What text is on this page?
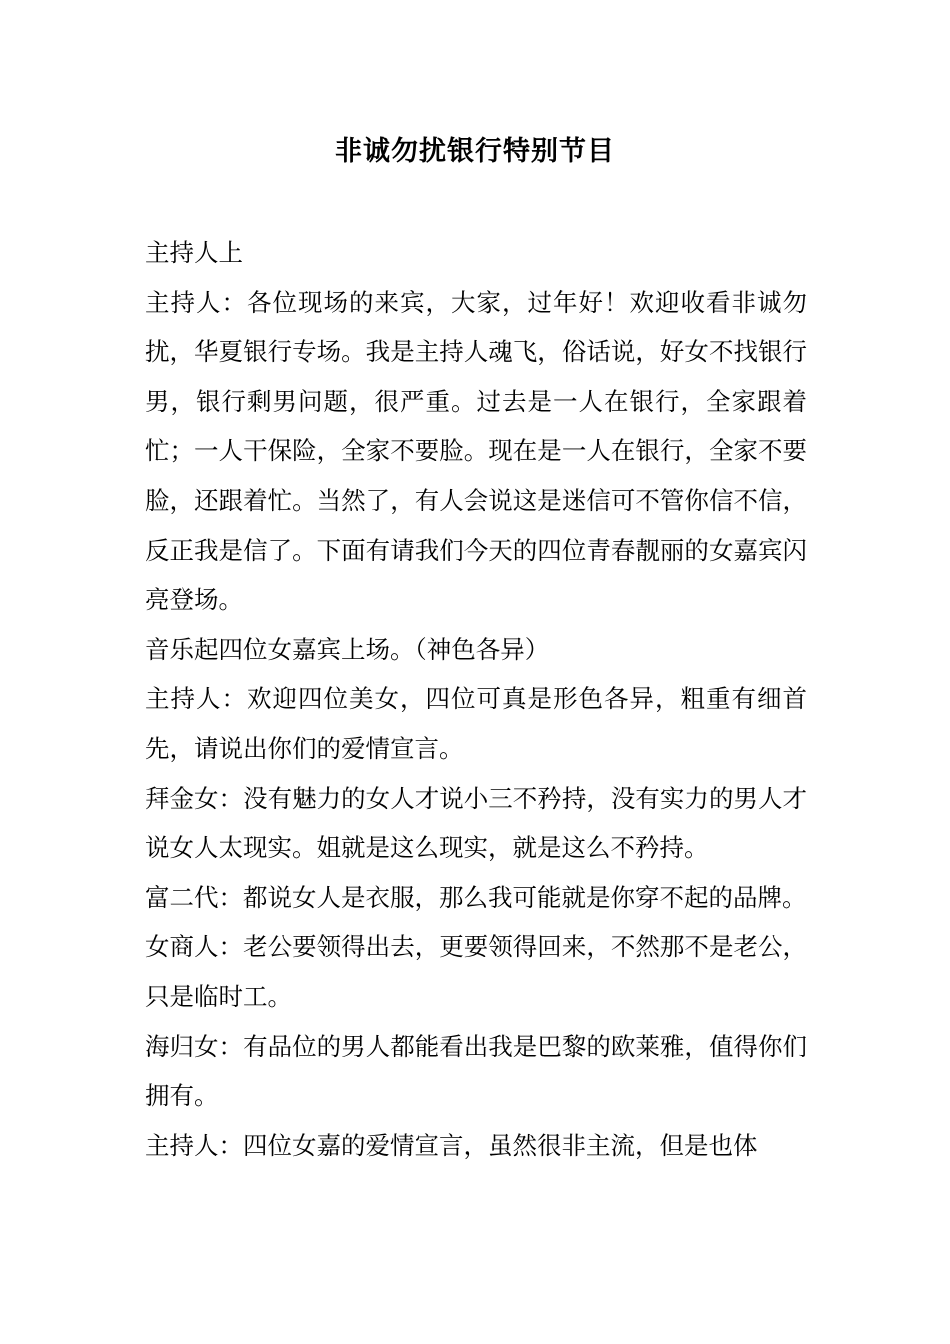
非诚勿扰银行特别节目

主持人上

主持人：各位现场的来宾，大家，过年好！欢迎收看非诚勿扰，华夏银行专场。我是主持人魂飞，俗话说，好女不找银行男，银行剩男问题，很严重。过去是一人在银行，全家跟着忙；一人干保险，全家不要脸。现在是一人在银行，全家不要脸，还跟着忙。当然了，有人会说这是迷信可不管你信不信，反正我是信了。下面有请我们今天的四位青春靓丽的女嘉宾闪亮登场。

音乐起四位女嘉宾上场。（神色各异）

主持人：欢迎四位美女，四位可真是形色各异，粗重有细首先，请说出你们的爱情宣言。

拜金女：没有魅力的女人才说小三不矜持，没有实力的男人才说女人太现实。姐就是这么现实，就是这么不矜持。

富二代：都说女人是衣服，那么我可能就是你穿不起的品牌。

女商人：老公要领得出去，更要领得回来，不然那不是老公，只是临时工。

海归女：有品位的男人都能看出我是巴黎的欧莱雅，值得你们拥有。

主持人：四位女嘉的爱情宣言，虽然很非主流，但是也体
